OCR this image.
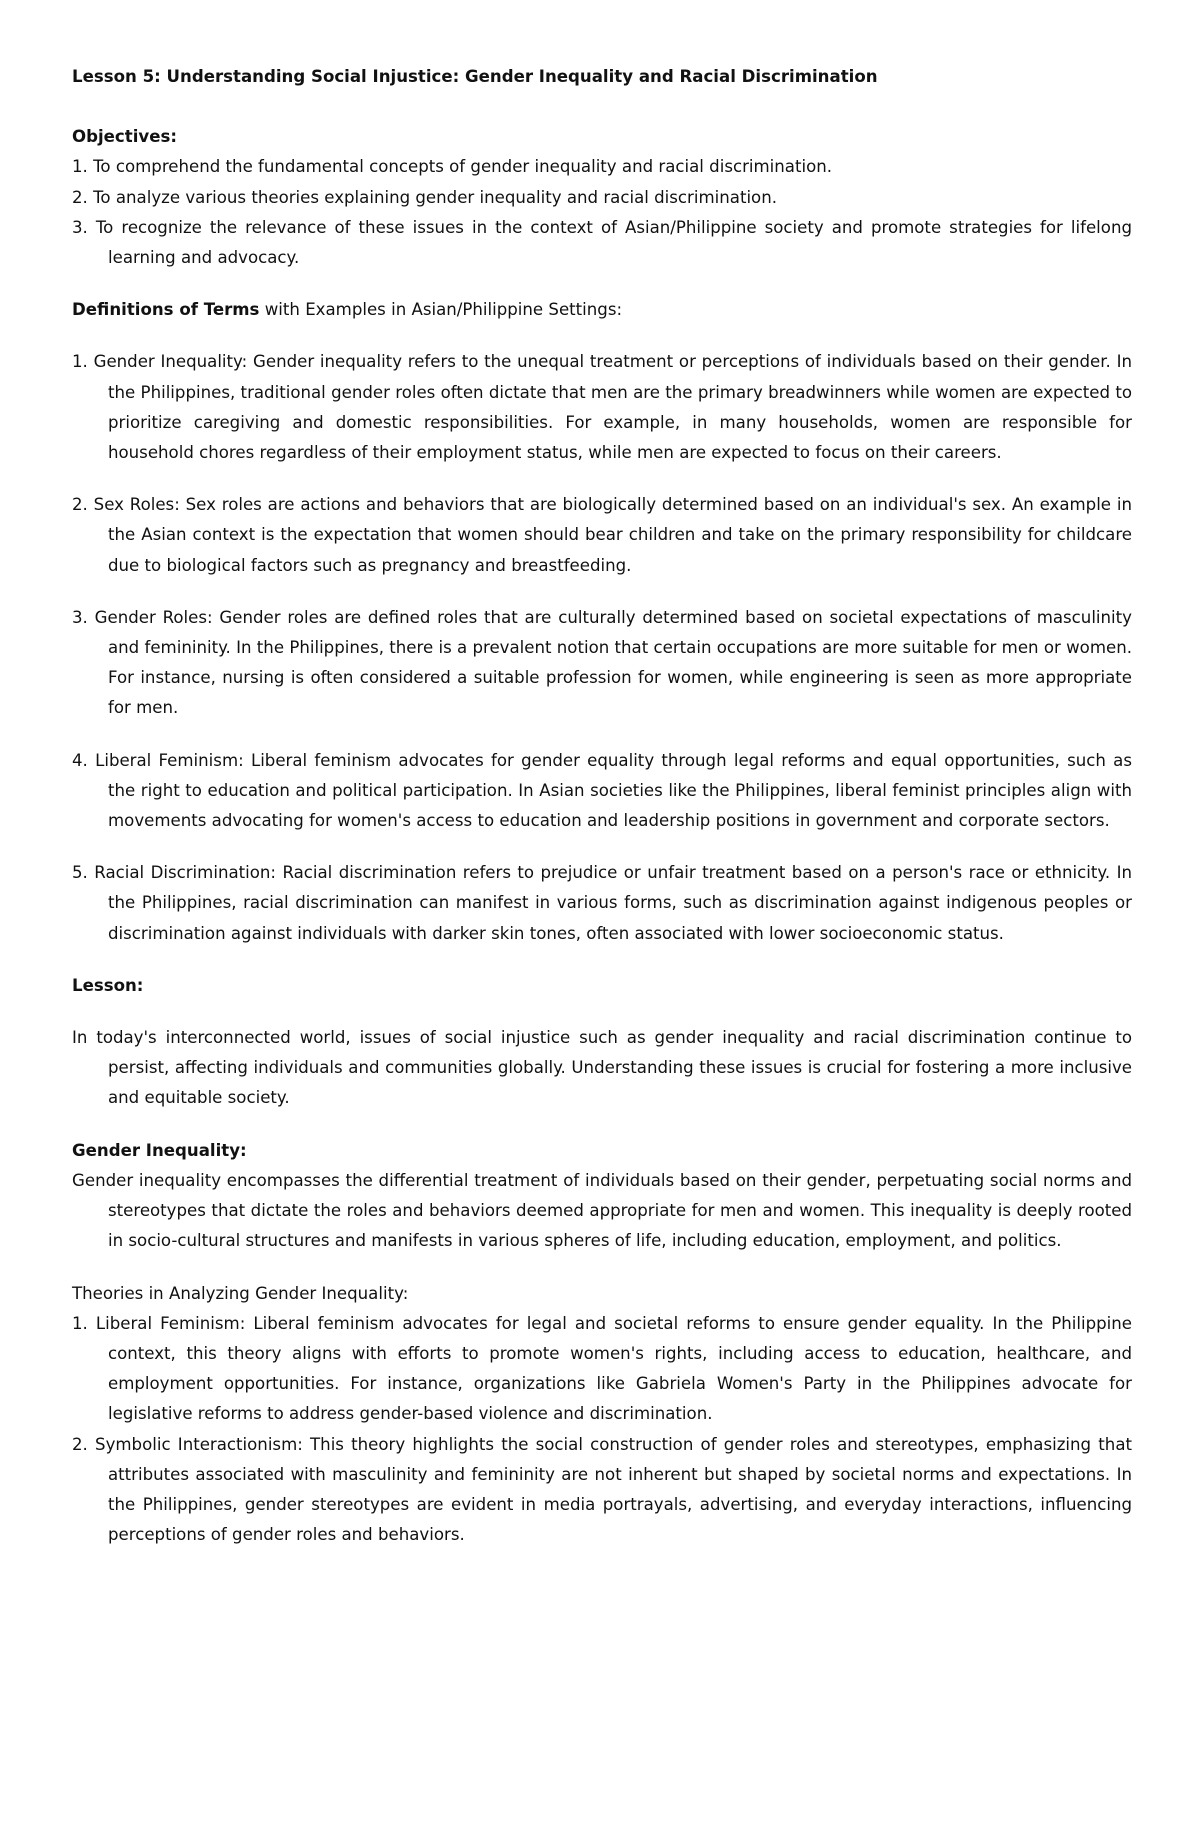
Lesson 5: Understanding Social Injustice: Gender Inequality and Racial Discrimination

Objectives:

1. To comprehend the fundamental concepts of gender inequality and racial discrimination.
2. To analyze various theories explaining gender inequality and racial discrimination.
3. To recognize the relevance of these issues in the context of Asian/Philippine society and promote strategies for lifelong learning and advocacy.

Definitions of Terms with Examples in Asian/Philippine Settings:

1. Gender Inequality: Gender inequality refers to the unequal treatment or perceptions of individuals based on their gender. In the Philippines, traditional gender roles often dictate that men are the primary breadwinners while women are expected to prioritize caregiving and domestic responsibilities. For example, in many households, women are responsible for household chores regardless of their employment status, while men are expected to focus on their careers.
2. Sex Roles: Sex roles are actions and behaviors that are biologically determined based on an individual's sex. An example in the Asian context is the expectation that women should bear children and take on the primary responsibility for childcare due to biological factors such as pregnancy and breastfeeding.
3. Gender Roles: Gender roles are defined roles that are culturally determined based on societal expectations of masculinity and femininity. In the Philippines, there is a prevalent notion that certain occupations are more suitable for men or women. For instance, nursing is often considered a suitable profession for women, while engineering is seen as more appropriate for men.
4. Liberal Feminism: Liberal feminism advocates for gender equality through legal reforms and equal opportunities, such as the right to education and political participation. In Asian societies like the Philippines, liberal feminist principles align with movements advocating for women's access to education and leadership positions in government and corporate sectors.
5. Racial Discrimination: Racial discrimination refers to prejudice or unfair treatment based on a person's race or ethnicity. In the Philippines, racial discrimination can manifest in various forms, such as discrimination against indigenous peoples or discrimination against individuals with darker skin tones, often associated with lower socioeconomic status.

Lesson:

In today's interconnected world, issues of social injustice such as gender inequality and racial discrimination continue to persist, affecting individuals and communities globally. Understanding these issues is crucial for fostering a more inclusive and equitable society.

Gender Inequality:

Gender inequality encompasses the differential treatment of individuals based on their gender, perpetuating social norms and stereotypes that dictate the roles and behaviors deemed appropriate for men and women. This inequality is deeply rooted in socio-cultural structures and manifests in various spheres of life, including education, employment, and politics.

Theories in Analyzing Gender Inequality:

1. Liberal Feminism: Liberal feminism advocates for legal and societal reforms to ensure gender equality. In the Philippine context, this theory aligns with efforts to promote women's rights, including access to education, healthcare, and employment opportunities. For instance, organizations like Gabriela Women's Party in the Philippines advocate for legislative reforms to address gender-based violence and discrimination.
2. Symbolic Interactionism: This theory highlights the social construction of gender roles and stereotypes, emphasizing that attributes associated with masculinity and femininity are not inherent but shaped by societal norms and expectations. In the Philippines, gender stereotypes are evident in media portrayals, advertising, and everyday interactions, influencing perceptions of gender roles and behaviors.
